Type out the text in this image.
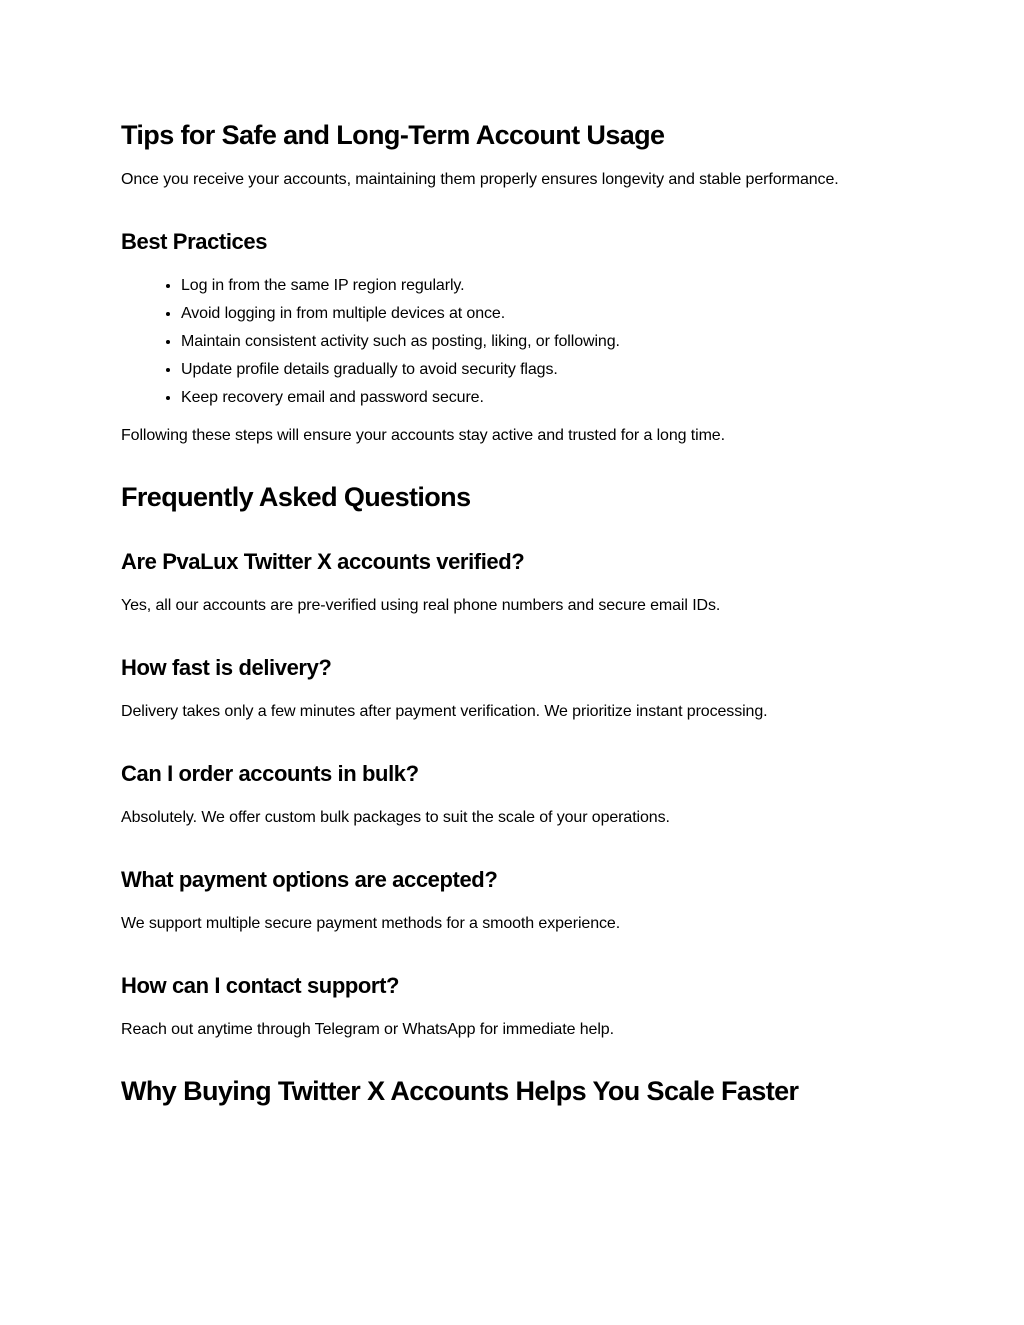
Tips for Safe and Long-Term Account Usage

Once you receive your accounts, maintaining them properly ensures longevity and stable performance.

Best Practices
• Log in from the same IP region regularly.
• Avoid logging in from multiple devices at once.
• Maintain consistent activity such as posting, liking, or following.
• Update profile details gradually to avoid security flags.
• Keep recovery email and password secure.

Following these steps will ensure your accounts stay active and trusted for a long time.

Frequently Asked Questions
Are PvaLux Twitter X accounts verified?

Yes, all our accounts are pre-verified using real phone numbers and secure email IDs.

How fast is delivery?

Delivery takes only a few minutes after payment verification. We prioritize instant processing.

Can I order accounts in bulk?

Absolutely. We offer custom bulk packages to suit the scale of your operations.

What payment options are accepted?

We support multiple secure payment methods for a smooth experience.

How can I contact support?

Reach out anytime through Telegram or WhatsApp for immediate help.

Why Buying Twitter X Accounts Helps You Scale Faster
